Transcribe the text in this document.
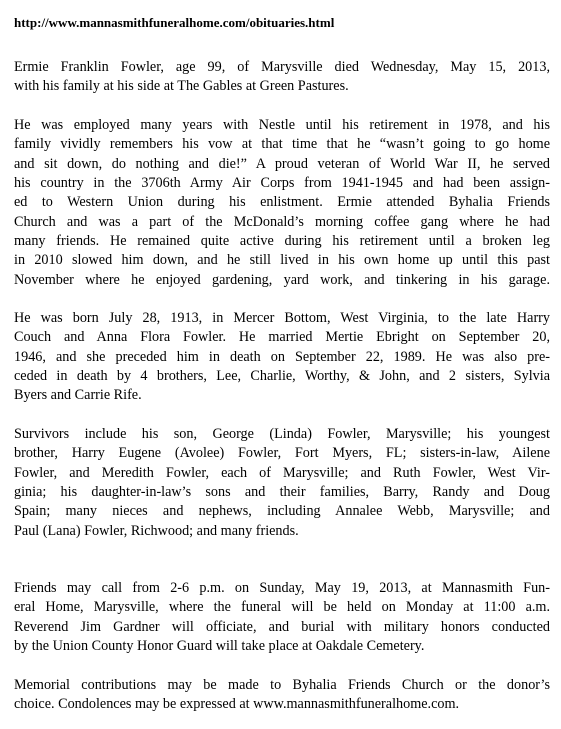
http://www.mannasmithfuneralhome.com/obituaries.html
Ermie Franklin Fowler, age 99, of Marysville died Wednesday, May 15, 2013,
with his family at his side at The Gables at Green Pastures.
He was employed many years with Nestle until his retirement in 1978, and his
family vividly remembers his vow at that time that he “wasn’t going to go home
and sit down, do nothing and die!” A proud veteran of World War II, he served
his country in the 3706th Army Air Corps from 1941-1945 and had been assign-
ed to Western Union during his enlistment. Ermie attended Byhalia Friends
Church and was a part of the McDonald’s morning coffee gang where he had
many friends. He remained quite active during his retirement until a broken leg
in 2010 slowed him down, and he still lived in his own home up until this past
November where he enjoyed gardening, yard work, and tinkering in his garage.
He was born July 28, 1913, in Mercer Bottom, West Virginia, to the late Harry
Couch and Anna Flora Fowler. He married Mertie Ebright on September 20,
1946, and she preceded him in death on September 22, 1989. He was also pre-
ceded in death by 4 brothers, Lee, Charlie, Worthy, & John, and 2 sisters, Sylvia
Byers and Carrie Rife.
Survivors include his son, George (Linda) Fowler, Marysville; his youngest
brother, Harry Eugene (Avolee) Fowler, Fort Myers, FL; sisters-in-law, Ailene
Fowler, and Meredith Fowler, each of Marysville; and Ruth Fowler, West Vir-
ginia; his daughter-in-law’s sons and their families, Barry, Randy and Doug
Spain; many nieces and nephews, including Annalee Webb, Marysville; and
Paul (Lana) Fowler, Richwood; and many friends.
Friends may call from 2-6 p.m. on Sunday, May 19, 2013, at Mannasmith Fun-
eral Home, Marysville, where the funeral will be held on Monday at 11:00 a.m.
Reverend Jim Gardner will officiate, and burial with military honors conducted
by the Union County Honor Guard will take place at Oakdale Cemetery.
Memorial contributions may be made to Byhalia Friends Church or the donor’s
choice. Condolences may be expressed at www.mannasmithfuneralhome.com.
